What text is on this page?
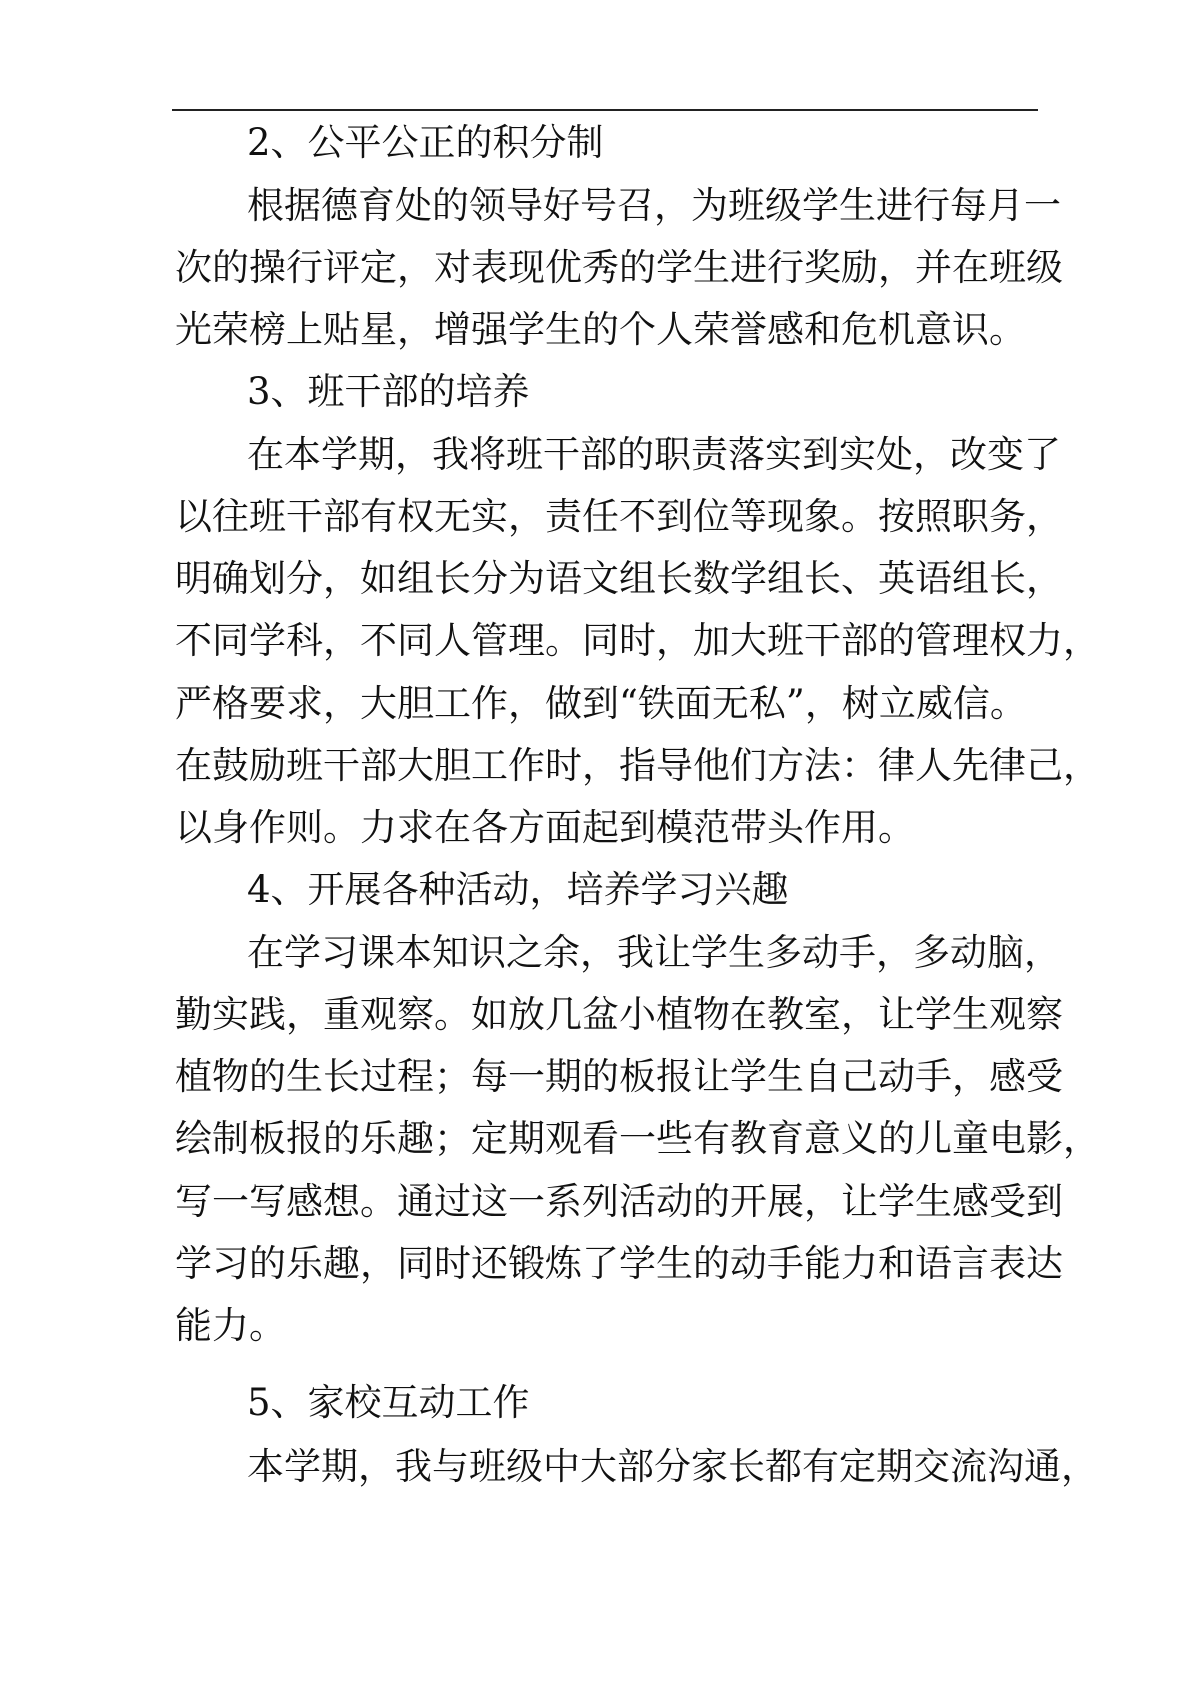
2、公平公正的积分制
根据德育处的领导好号召，为班级学生进行每月一
次的操行评定，对表现优秀的学生进行奖励，并在班级
光荣榜上贴星，增强学生的个人荣誉感和危机意识。
3、班干部的培养
在本学期，我将班干部的职责落实到实处，改变了
以往班干部有权无实，责任不到位等现象。按照职务，
明确划分，如组长分为语文组长数学组长、英语组长，
不同学科，不同人管理。同时，加大班干部的管理权力，
严格要求，大胆工作，做到“铁面无私”，树立威信。
在鼓励班干部大胆工作时，指导他们方法：律人先律己，
以身作则。力求在各方面起到模范带头作用。
4、开展各种活动，培养学习兴趣
在学习课本知识之余，我让学生多动手，多动脑，
勤实践，重观察。如放几盆小植物在教室，让学生观察
植物的生长过程；每一期的板报让学生自己动手，感受
绘制板报的乐趣；定期观看一些有教育意义的儿童电影，
写一写感想。通过这一系列活动的开展，让学生感受到
学习的乐趣，同时还锻炼了学生的动手能力和语言表达
能力。
5、家校互动工作
本学期，我与班级中大部分家长都有定期交流沟通，
